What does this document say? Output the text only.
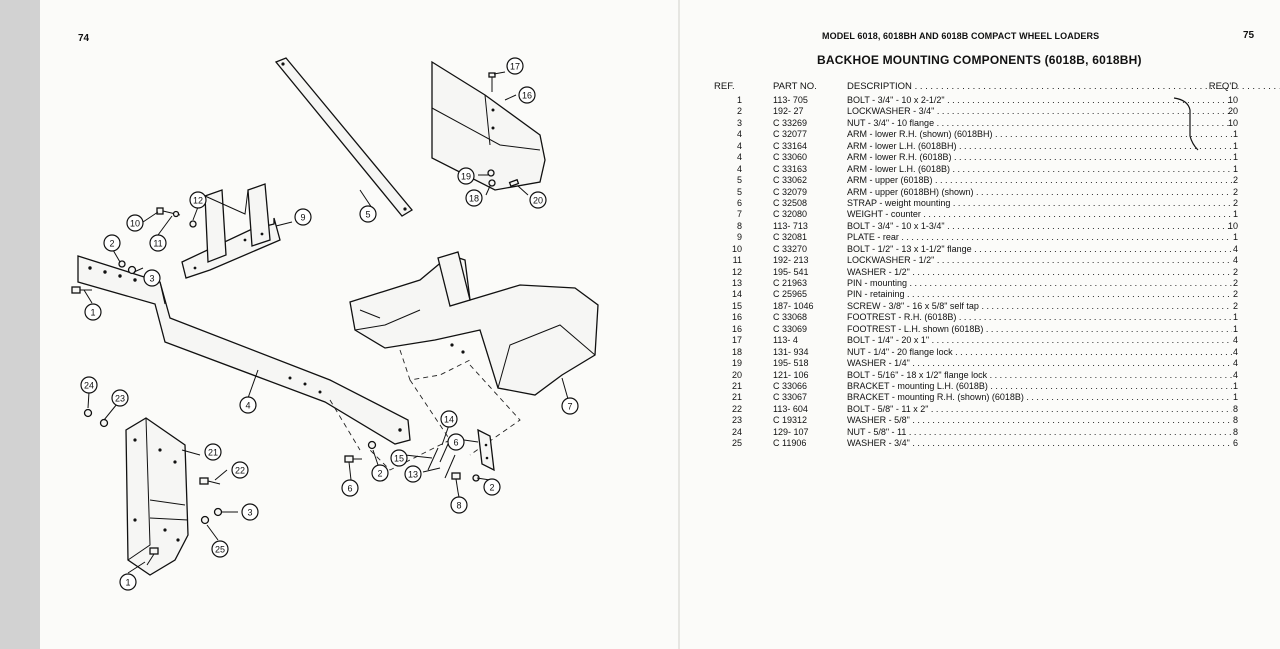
74
17
16
5
12
9
10
11
19
18	20
2
3
1
4	7
24
23
21
22
3
25
1
14
6
15
13
2
8
2
6
MODEL 6018, 6018BH AND 6018B COMPACT WHEEL LOADERS	75
BACKHOE MOUNTING COMPONENTS (6018B, 6018BH)
REF.	PART NO.	DESCRIPTION . . .	REQ'D
1	113- 705	BOLT - 3/4" - 10 x 2-1/2" . . .	10
2	192- 27	LOCKWASHER - 3/4" . . .	20
3	C 33269	NUT - 3/4" - 10 flange . . .	10
4	C 32077	ARM - lower R.H. (shown) (6018BH) . . .	1
4	C 33164	ARM - lower L.H. (6018BH) . . .	1
4	C 33060	ARM - lower R.H. (6018B) . . .	1
4	C 33163	ARM - lower L.H. (6018B) . . .	1
5	C 33062	ARM - upper (6018B) . . .	2
5	C 32079	ARM - upper (6018BH) (shown) . . .	2
6	C 32508	STRAP - weight mounting . . .	2
7	C 32080	WEIGHT - counter . . .	1
8	113- 713	BOLT - 3/4" - 10 x 1-3/4" . . .	10
9	C 32081	PLATE - rear . . .	1
10	C 33270	BOLT - 1/2" - 13 x 1-1/2" flange . . .	4
11	192- 213	LOCKWASHER - 1/2" . . .	4
12	195- 541	WASHER - 1/2" . . .	2
13	C 21963	PIN - mounting . . .	2
14	C 25965	PIN - retaining . . .	2
15	187- 1046	SCREW - 3/8" - 16 x 5/8" self tap . . .	2
16	C 33068	FOOTREST - R.H. (6018B) . . .	1
16	C 33069	FOOTREST - L.H. shown (6018B) . . .	1
17	113- 4	BOLT - 1/4" - 20 x 1" . . .	4
18	131- 934	NUT - 1/4" - 20 flange lock . . .	4
19	195- 518	WASHER - 1/4" . . .	4
20	121- 106	BOLT - 5/16" - 18 x 1/2" flange lock . . .	4
21	C 33066	BRACKET - mounting L.H. (6018B) . . .	1
21	C 33067	BRACKET - mounting R.H. (shown) (6018B) . . .	1
22	113- 604	BOLT - 5/8" - 11 x 2" . . .	8
23	C 19312	WASHER - 5/8" . . .	8
24	129- 107	NUT - 5/8" - 11 . . .	8
25	C 11906	WASHER - 3/4" . . .	6
